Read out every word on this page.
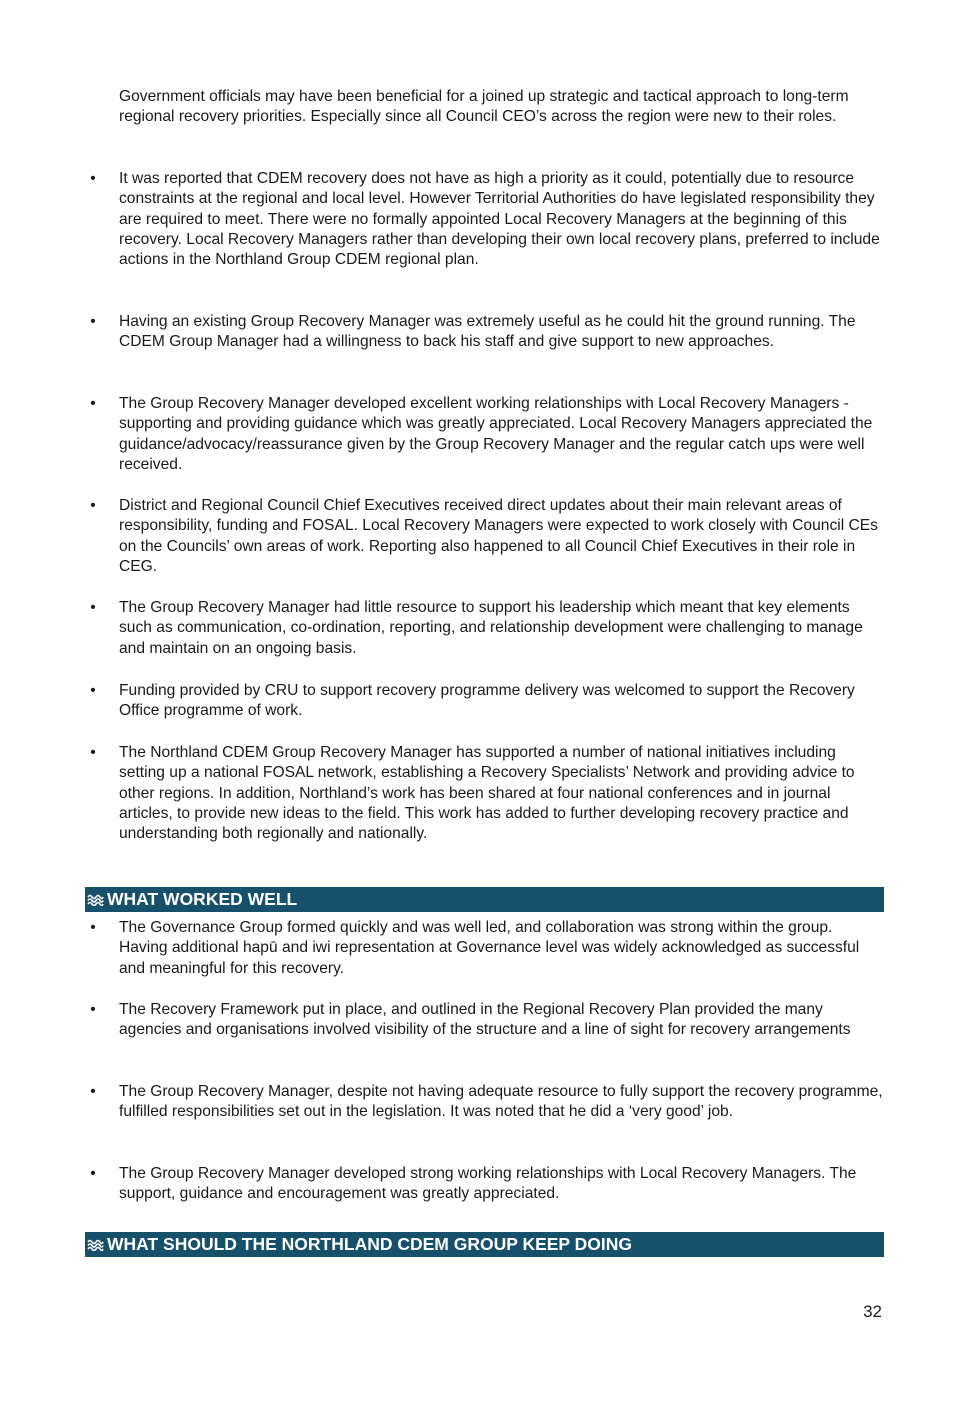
Government officials may have been beneficial for a joined up strategic and tactical approach to long-term regional recovery priorities. Especially since all Council CEO’s across the region were new to their roles.

• It was reported that CDEM recovery does not have as high a priority as it could, potentially due to resource constraints at the regional and local level. However Territorial Authorities do have legislated responsibility they are required to meet. There were no formally appointed Local Recovery Managers at the beginning of this recovery. Local Recovery Managers rather than developing their own local recovery plans, preferred to include actions in the Northland Group CDEM regional plan.

• Having an existing Group Recovery Manager was extremely useful as he could hit the ground running. The CDEM Group Manager had a willingness to back his staff and give support to new approaches.

• The Group Recovery Manager developed excellent working relationships with Local Recovery Managers - supporting and providing guidance which was greatly appreciated. Local Recovery Managers appreciated the guidance/advocacy/reassurance given by the Group Recovery Manager and the regular catch ups were well received.

• District and Regional Council Chief Executives received direct updates about their main relevant areas of responsibility, funding and FOSAL. Local Recovery Managers were expected to work closely with Council CEs on the Councils’ own areas of work. Reporting also happened to all Council Chief Executives in their role in CEG.

• The Group Recovery Manager had little resource to support his leadership which meant that key elements such as communication, co-ordination, reporting, and relationship development were challenging to manage and maintain on an ongoing basis.

• Funding provided by CRU to support recovery programme delivery was welcomed to support the Recovery Office programme of work.

• The Northland CDEM Group Recovery Manager has supported a number of national initiatives including setting up a national FOSAL network, establishing a Recovery Specialists’ Network and providing advice to other regions. In addition, Northland’s work has been shared at four national conferences and in journal articles, to provide new ideas to the field. This work has added to further developing recovery practice and understanding both regionally and nationally.

WHAT WORKED WELL
• The Governance Group formed quickly and was well led, and collaboration was strong within the group. Having additional hapū and iwi representation at Governance level was widely acknowledged as successful and meaningful for this recovery.

• The Recovery Framework put in place, and outlined in the Regional Recovery Plan provided the many agencies and organisations involved visibility of the structure and a line of sight for recovery arrangements

• The Group Recovery Manager, despite not having adequate resource to fully support the recovery programme, fulfilled responsibilities set out in the legislation. It was noted that he did a ‘very good’ job.

• The Group Recovery Manager developed strong working relationships with Local Recovery Managers. The support, guidance and encouragement was greatly appreciated.

WHAT SHOULD THE NORTHLAND CDEM GROUP KEEP DOING
32
